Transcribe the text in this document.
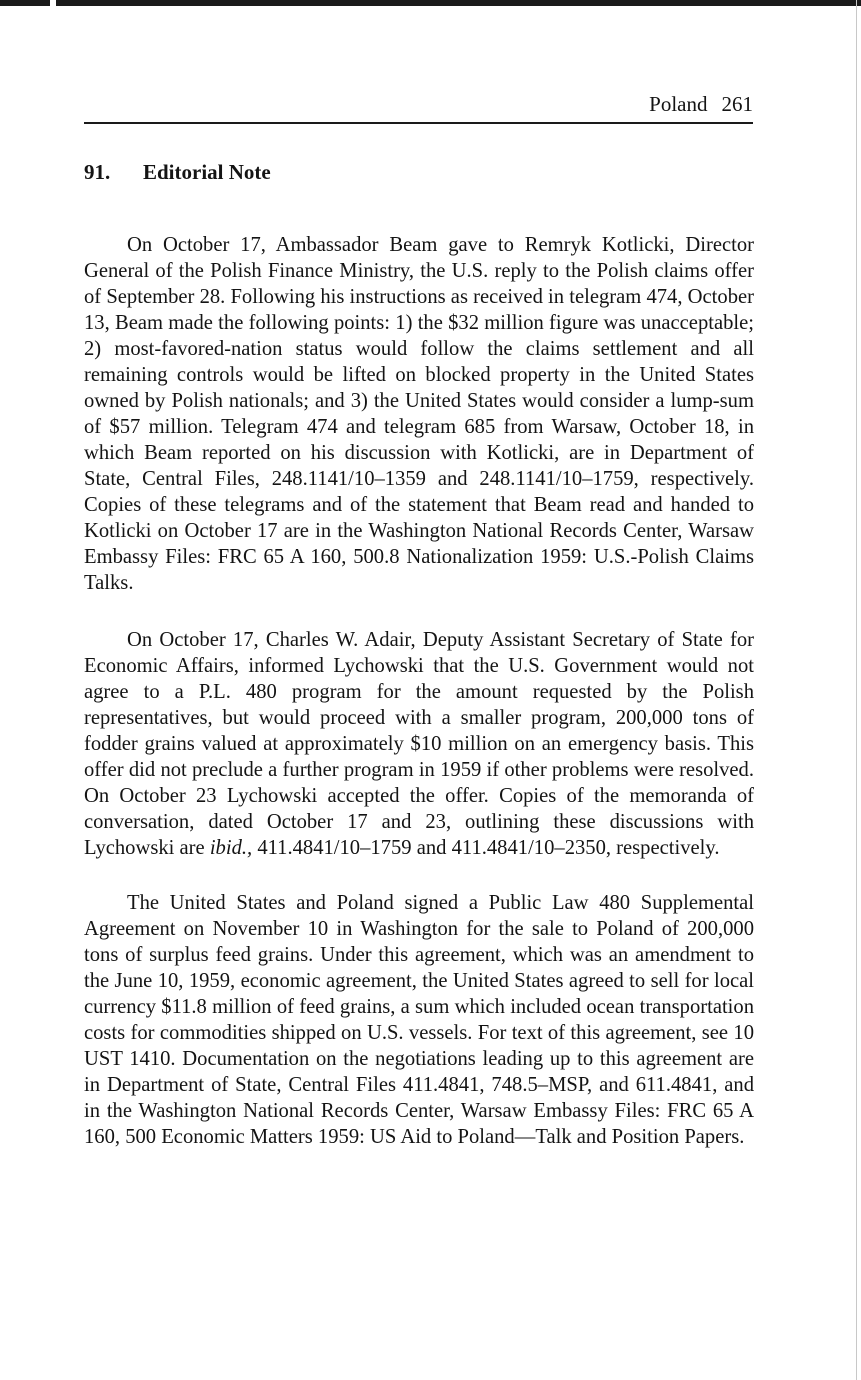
Poland 261
91. Editorial Note

On October 17, Ambassador Beam gave to Remryk Kotlicki, Director General of the Polish Finance Ministry, the U.S. reply to the Polish claims offer of September 28. Following his instructions as received in telegram 474, October 13, Beam made the following points: 1) the $32 million figure was unacceptable; 2) most-favored-nation status would follow the claims settlement and all remaining controls would be lifted on blocked property in the United States owned by Polish nationals; and 3) the United States would consider a lump-sum of $57 million. Telegram 474 and telegram 685 from Warsaw, October 18, in which Beam reported on his discussion with Kotlicki, are in Department of State, Central Files, 248.1141/10–1359 and 248.1141/10–1759, respectively. Copies of these telegrams and of the statement that Beam read and handed to Kotlicki on October 17 are in the Washington National Records Center, Warsaw Embassy Files: FRC 65 A 160, 500.8 Nationalization 1959: U.S.-Polish Claims Talks.

On October 17, Charles W. Adair, Deputy Assistant Secretary of State for Economic Affairs, informed Lychowski that the U.S. Government would not agree to a P.L. 480 program for the amount requested by the Polish representatives, but would proceed with a smaller program, 200,000 tons of fodder grains valued at approximately $10 million on an emergency basis. This offer did not preclude a further program in 1959 if other problems were resolved. On October 23 Lychowski accepted the offer. Copies of the memoranda of conversation, dated October 17 and 23, outlining these discussions with Lychowski are ibid., 411.4841/10–1759 and 411.4841/10–2350, respectively.

The United States and Poland signed a Public Law 480 Supplemental Agreement on November 10 in Washington for the sale to Poland of 200,000 tons of surplus feed grains. Under this agreement, which was an amendment to the June 10, 1959, economic agreement, the United States agreed to sell for local currency $11.8 million of feed grains, a sum which included ocean transportation costs for commodities shipped on U.S. vessels. For text of this agreement, see 10 UST 1410. Documentation on the negotiations leading up to this agreement are in Department of State, Central Files 411.4841, 748.5–MSP, and 611.4841, and in the Washington National Records Center, Warsaw Embassy Files: FRC 65 A 160, 500 Economic Matters 1959: US Aid to Poland—Talk and Position Papers.
